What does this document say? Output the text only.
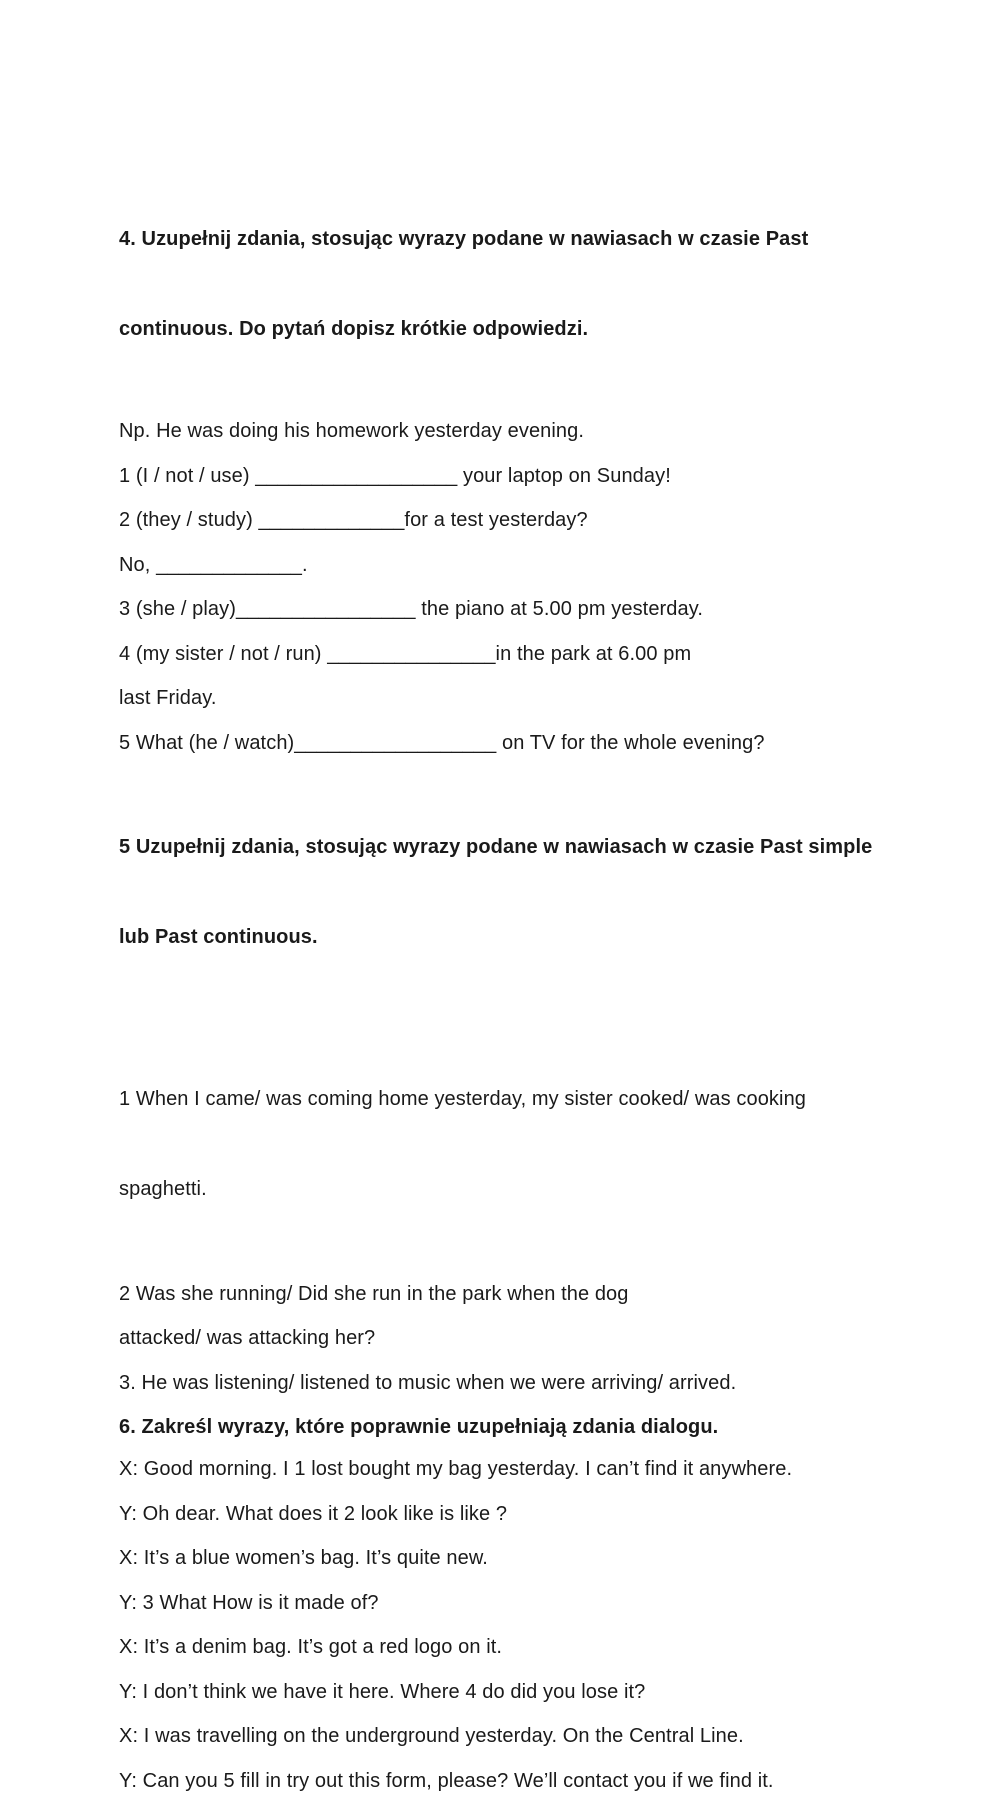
4. Uzupełnij zdania, stosując wyrazy podane w nawiasach w czasie Past

continuous. Do pytań dopisz krótkie odpowiedzi.

Np. He was doing his homework yesterday evening.
1 (I / not / use) __________________ your laptop on Sunday!
2 (they / study) _____________for a test yesterday?
No, _____________.
3 (she / play)________________ the piano at 5.00 pm yesterday.
4 (my sister / not / run) _______________in the park at 6.00 pm
last Friday.
5 What (he / watch)__________________ on TV for the whole evening?

5 Uzupełnij zdania, stosując wyrazy podane w nawiasach w czasie Past simple

lub Past continuous.

1 When I came/ was coming home yesterday, my sister cooked/ was cooking

spaghetti.

2 Was she running/ Did she run in the park when the dog
attacked/ was attacking her?
3. He was listening/ listened to music when we were arriving/ arrived.
6. Zakreśl wyrazy, które poprawnie uzupełniają zdania dialogu.
X: Good morning. I 1 lost bought my bag yesterday. I can’t find it anywhere.
Y: Oh dear. What does it 2 look like is like ?
X: It’s a blue women’s bag. It’s quite new.
Y: 3 What How is it made of?
X: It’s a denim bag. It’s got a red logo on it.
Y: I don’t think we have it here. Where 4 do did you lose it?
X: I was travelling on the underground yesterday. On the Central Line.
Y: Can you 5 fill in try out this form, please? We’ll contact you if we find it.
